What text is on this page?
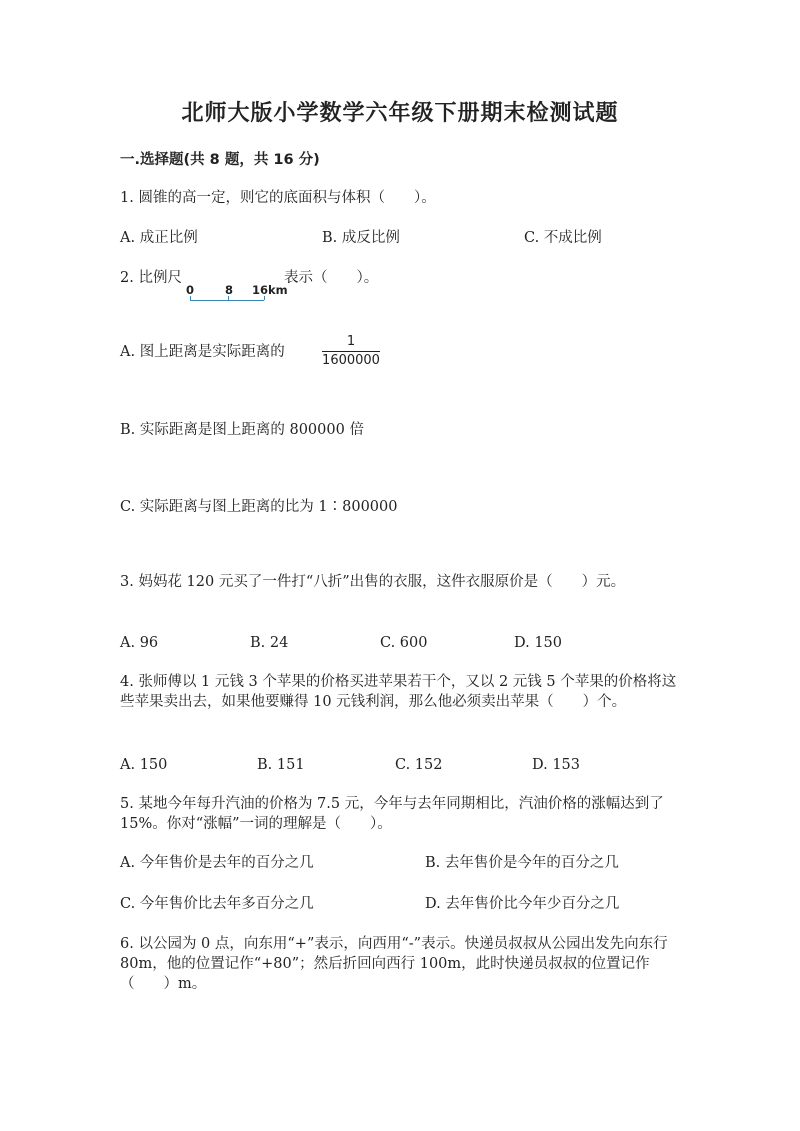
北师大版小学数学六年级下册期末检测试题
一.选择题(共 8 题，共 16 分)
1. 圆锥的高一定，则它的底面积与体积（　　）。
A. 成正比例	B. 成反比例	C. 不成比例
2. 比例尺
0	8 16km
表示（　　）。
A. 图上距离是实际距离的
1
1600000
B. 实际距离是图上距离的 800000 倍
C. 实际距离与图上距离的比为 1∶800000
3. 妈妈花 120 元买了一件打“八折”出售的衣服，这件衣服原价是（　　）元。
A. 96	B. 24	C. 600	D. 150
4. 张师傅以 1 元钱 3 个苹果的价格买进苹果若干个，又以 2 元钱 5 个苹果的价格将这些苹果卖出去，如果他要赚得 10 元钱利润，那么他必须卖出苹果（　　）个。
A. 150	B. 151	C. 152	D. 153
5. 某地今年每升汽油的价格为 7.5 元，今年与去年同期相比，汽油价格的涨幅达到了 15%。你对“涨幅”一词的理解是（　　）。
A. 今年售价是去年的百分之几	B. 去年售价是今年的百分之几
C. 今年售价比去年多百分之几	D. 去年售价比今年少百分之几
6. 以公园为 0 点，向东用“+”表示，向西用“-”表示。快递员叔叔从公园出发先向东行 80m，他的位置记作“+80”；然后折回向西行 100m，此时快递员叔叔的位置记作（　　）m。
